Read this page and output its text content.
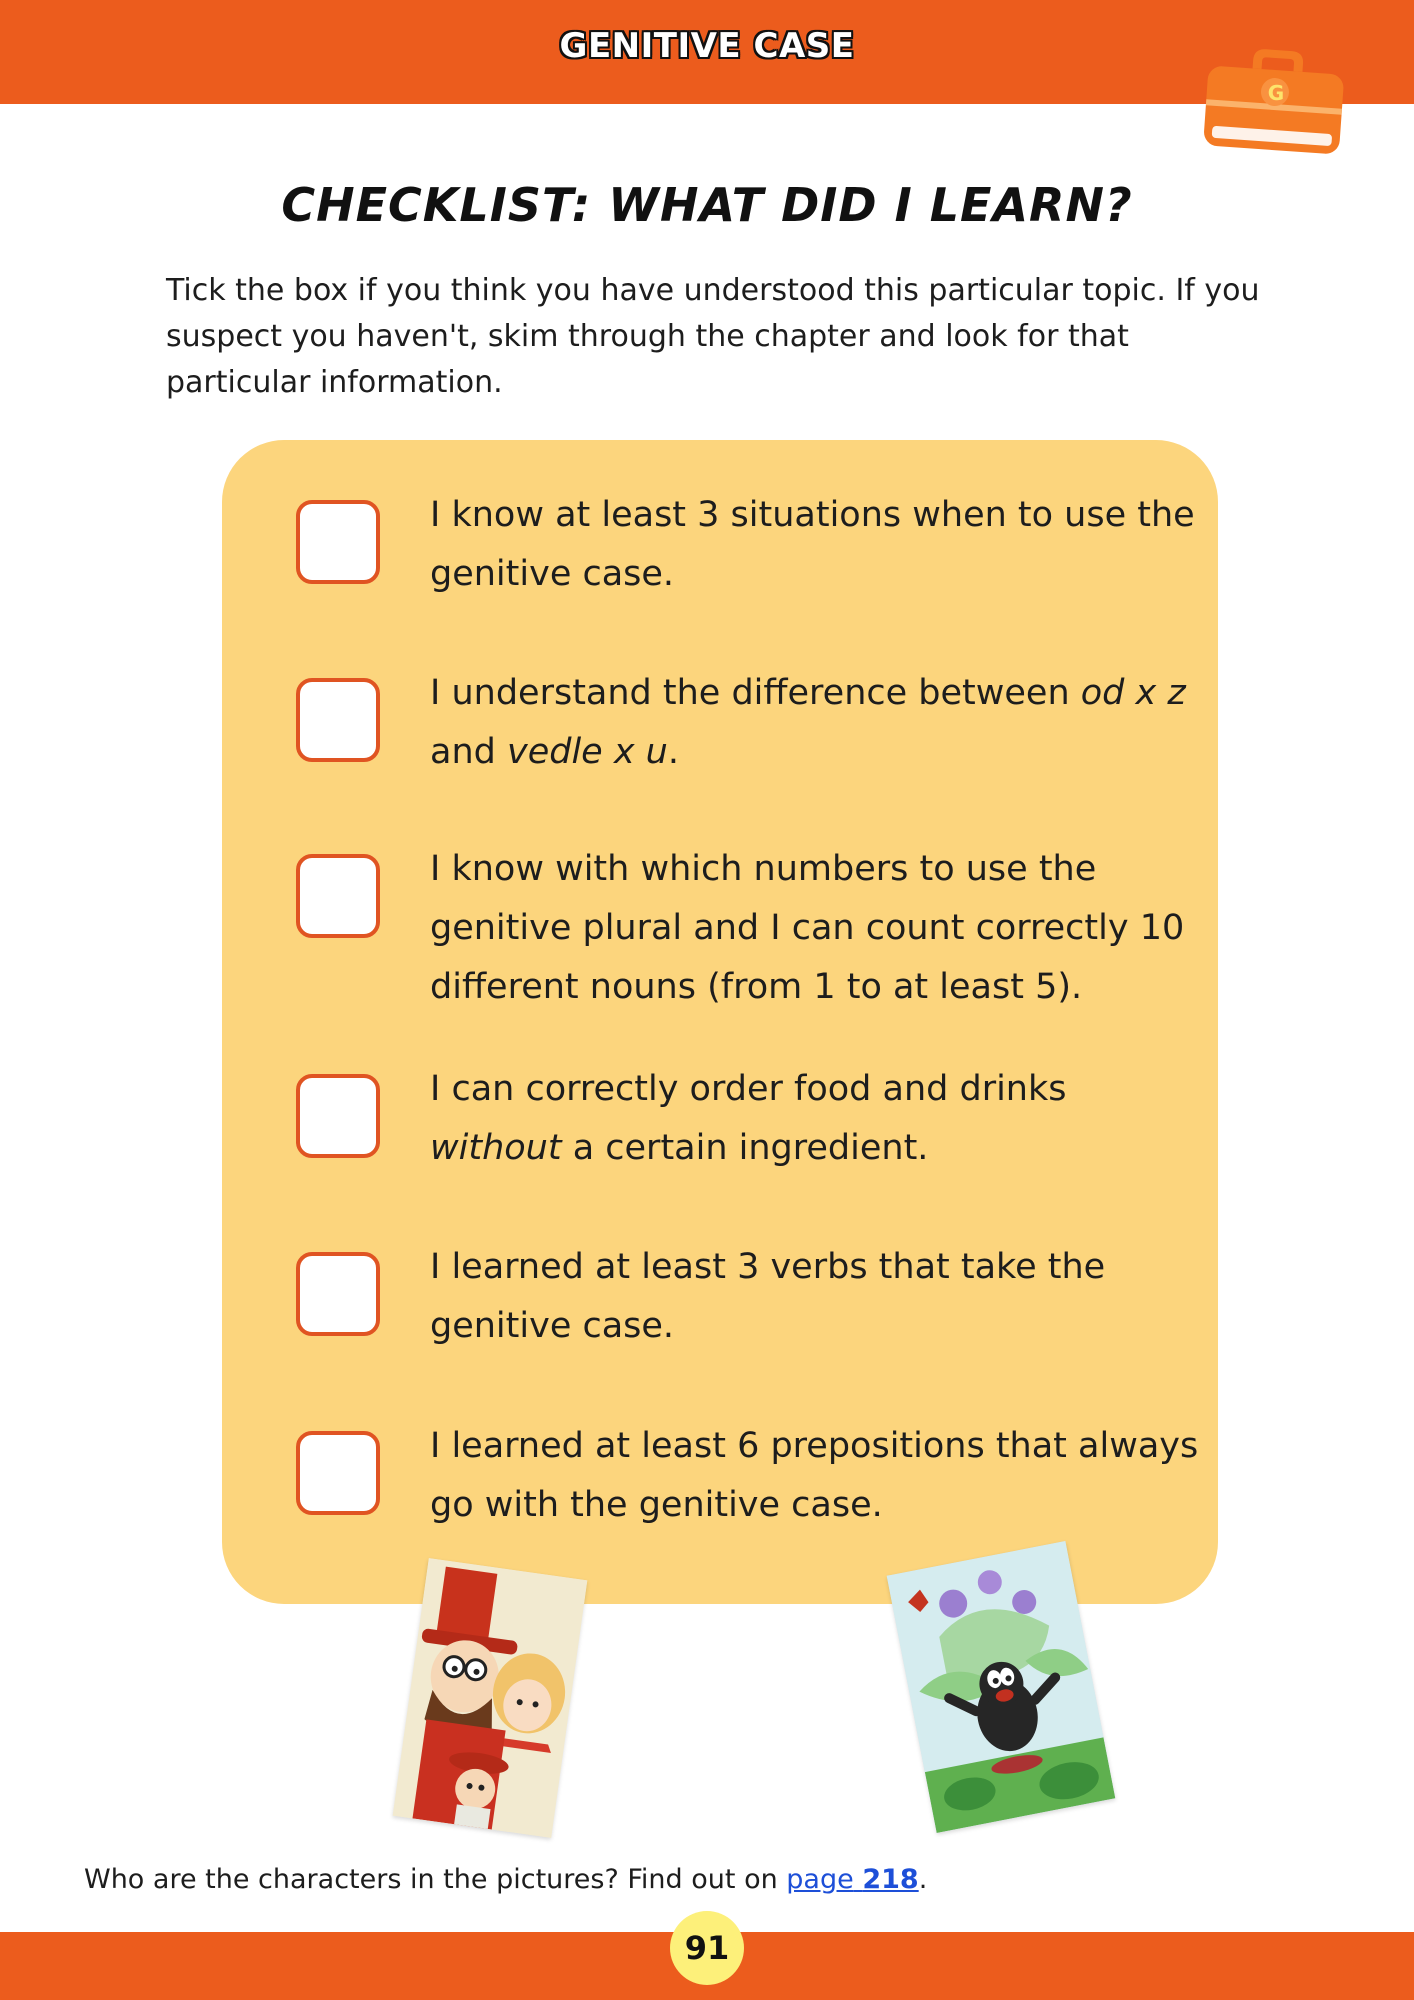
GENITIVE CASE
G
CHECKLIST: WHAT DID I LEARN?
Tick the box if you think you have understood this particular topic. If you suspect you haven't, skim through the chapter and look for that particular information.
I know at least 3 situations when to use the genitive case.
I understand the difference between od x z and vedle x u.
I know with which numbers to use the genitive plural and I can count correctly 10 different nouns (from 1 to at least 5).
I can correctly order food and drinks without a certain ingredient.
I learned at least 3 verbs that take the genitive case.
I learned at least 6 prepositions that always go with the genitive case.
Who are the characters in the pictures? Find out on page 218.
91
